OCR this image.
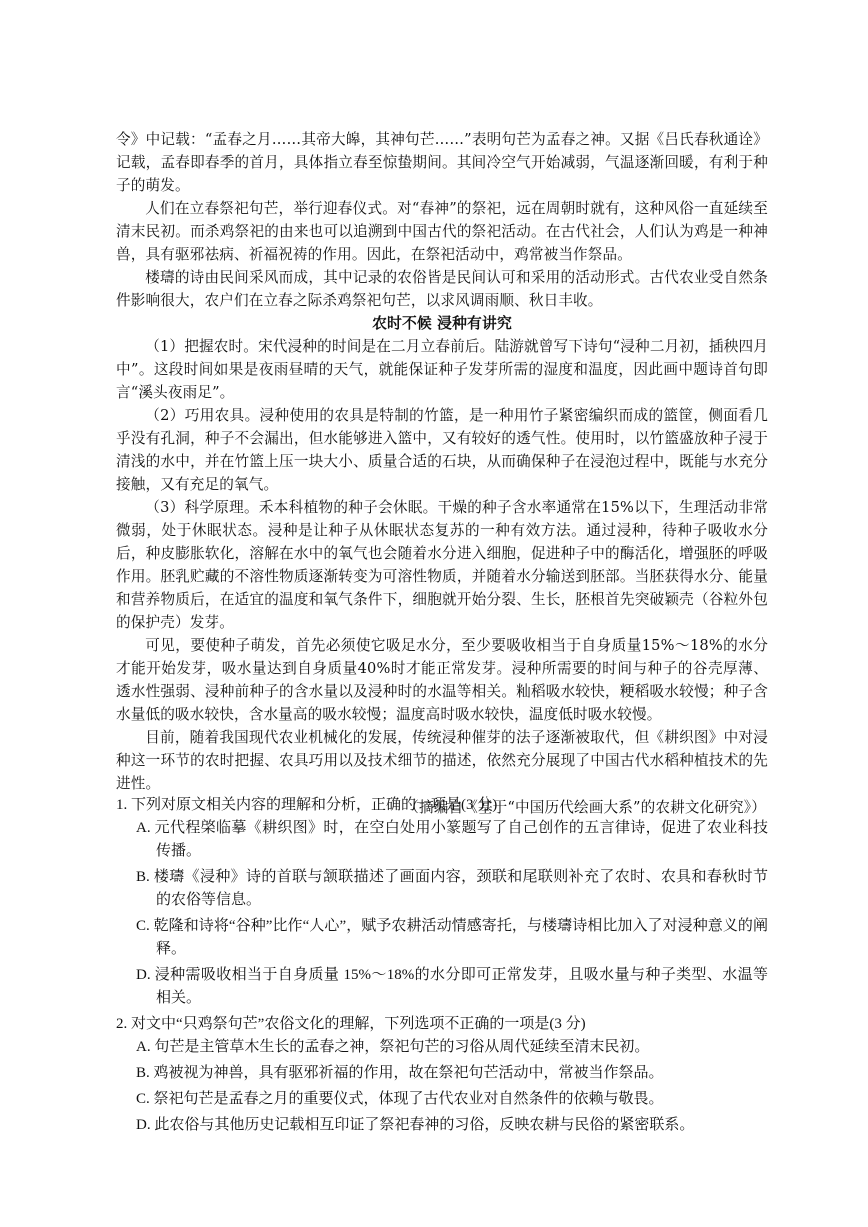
令》中记载：“孟春之月……其帝大皞，其神句芒……”表明句芒为孟春之神。又据《吕氏春秋通诠》记载，孟春即春季的首月，具体指立春至惊蛰期间。其间冷空气开始减弱，气温逐渐回暖，有利于种子的萌发。

人们在立春祭祀句芒，举行迎春仪式。对“春神”的祭祀，远在周朝时就有，这种风俗一直延续至清末民初。而杀鸡祭祀的由来也可以追溯到中国古代的祭祀活动。在古代社会，人们认为鸡是一种神兽，具有驱邪祛病、祈福祝祷的作用。因此，在祭祀活动中，鸡常被当作祭品。

楼璹的诗由民间采风而成，其中记录的农俗皆是民间认可和采用的活动形式。古代农业受自然条件影响很大，农户们在立春之际杀鸡祭祀句芒，以求风调雨顺、秋日丰收。

农时不候 浸种有讲究

（1）把握农时。宋代浸种的时间是在二月立春前后。陆游就曾写下诗句“浸种二月初，插秧四月中”。这段时间如果是夜雨昼晴的天气，就能保证种子发芽所需的湿度和温度，因此画中题诗首句即言“溪头夜雨足”。

（2）巧用农具。浸种使用的农具是特制的竹篮，是一种用竹子紧密编织而成的篮筐，侧面看几乎没有孔洞，种子不会漏出，但水能够进入篮中，又有较好的透气性。使用时，以竹篮盛放种子浸于清浅的水中，并在竹篮上压一块大小、质量合适的石块，从而确保种子在浸泡过程中，既能与水充分接触，又有充足的氧气。

（3）科学原理。禾本科植物的种子会休眠。干燥的种子含水率通常在15%以下，生理活动非常微弱，处于休眠状态。浸种是让种子从休眠状态复苏的一种有效方法。通过浸种，待种子吸收水分后，种皮膨胀软化，溶解在水中的氧气也会随着水分进入细胞，促进种子中的酶活化，增强胚的呼吸作用。胚乳贮藏的不溶性物质逐渐转变为可溶性物质，并随着水分输送到胚部。当胚获得水分、能量和营养物质后，在适宜的温度和氧气条件下，细胞就开始分裂、生长，胚根首先突破颖壳（谷粒外包的保护壳）发芽。

可见，要使种子萌发，首先必须使它吸足水分，至少要吸收相当于自身质量15%～18%的水分才能开始发芽，吸水量达到自身质量40%时才能正常发芽。浸种所需要的时间与种子的谷壳厚薄、透水性强弱、浸种前种子的含水量以及浸种时的水温等相关。籼稻吸水较快，粳稻吸水较慢；种子含水量低的吸水较快，含水量高的吸水较慢；温度高时吸水较快，温度低时吸水较慢。

目前，随着我国现代农业机械化的发展，传统浸种催芽的法子逐渐被取代，但《耕织图》中对浸种这一环节的农时把握、农具巧用以及技术细节的描述，依然充分展现了中国古代水稻种植技术的先进性。

（摘编自《基于“中国历代绘画大系”的农耕文化研究》）

1. 下列对原文相关内容的理解和分析，正确的一项是(3 分)

A. 元代程棨临摹《耕织图》时，在空白处用小篆题写了自己创作的五言律诗，促进了农业科技传播。

B. 楼璹《浸种》诗的首联与颔联描述了画面内容，颈联和尾联则补充了农时、农具和春秋时节的农俗等信息。

C. 乾隆和诗将“谷种”比作“人心”，赋予农耕活动情感寄托，与楼璹诗相比加入了对浸种意义的阐释。

D. 浸种需吸收相当于自身质量 15%～18%的水分即可正常发芽，且吸水量与种子类型、水温等相关。

2. 对文中“只鸡祭句芒”农俗文化的理解，下列选项不正确的一项是(3 分)

A. 句芒是主管草木生长的孟春之神，祭祀句芒的习俗从周代延续至清末民初。

B. 鸡被视为神兽，具有驱邪祈福的作用，故在祭祀句芒活动中，常被当作祭品。

C. 祭祀句芒是孟春之月的重要仪式，体现了古代农业对自然条件的依赖与敬畏。

D. 此农俗与其他历史记载相互印证了祭祀春神的习俗，反映农耕与民俗的紧密联系。
